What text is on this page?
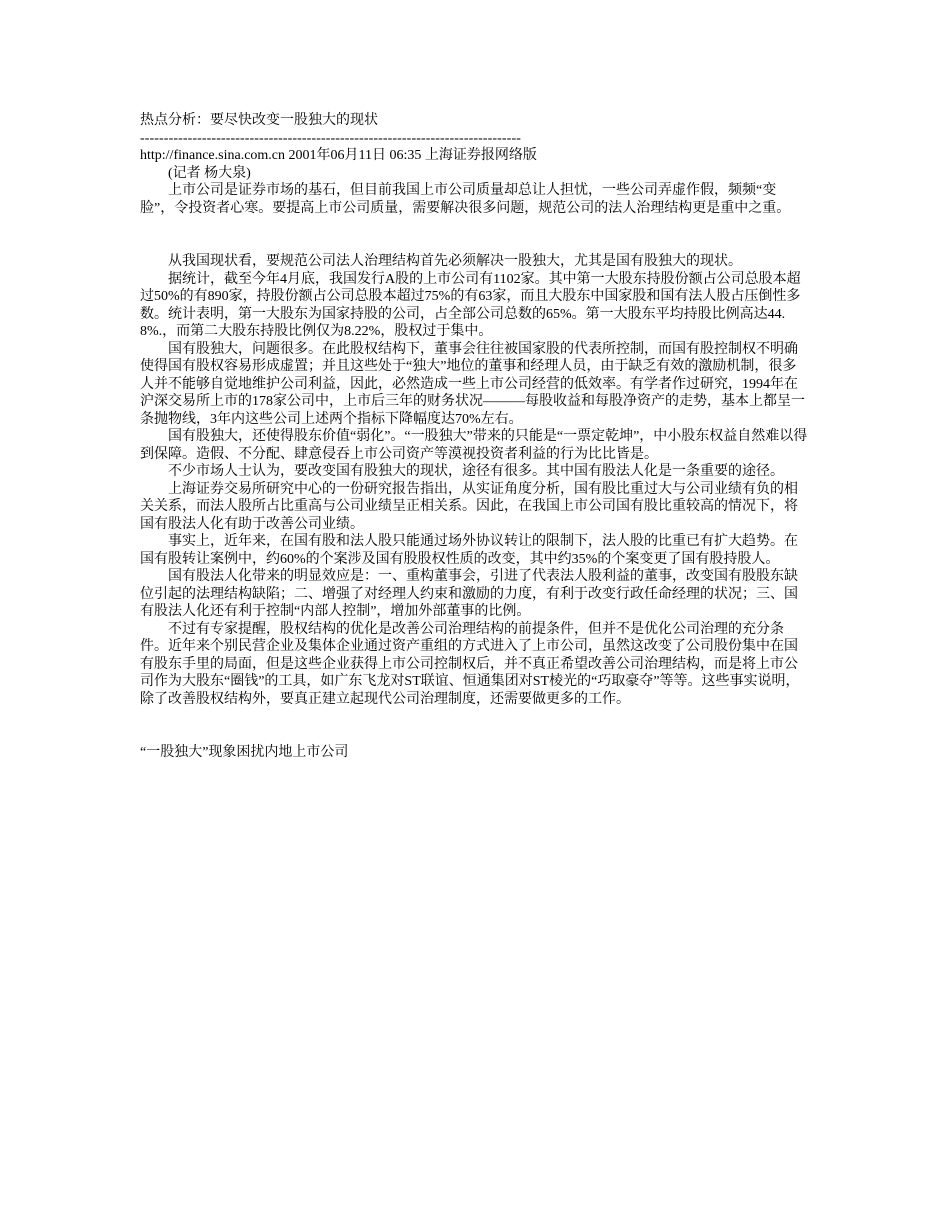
热点分析：要尽快改变一股独大的现状

--------------------------------------------------------------------------------

http://finance.sina.com.cn 2001年06月11日 06:35 上海证券报网络版

(记者 杨大泉)

上市公司是证券市场的基石，但目前我国上市公司质量却总让人担忧，一些公司弄虚作假，频频“变脸”，令投资者心寒。要提高上市公司质量，需要解决很多问题，规范公司的法人治理结构更是重中之重。

从我国现状看，要规范公司法人治理结构首先必须解决一股独大，尤其是国有股独大的现状。

据统计，截至今年4月底，我国发行A股的上市公司有1102家。其中第一大股东持股份额占公司总股本超过50%的有890家，持股份额占公司总股本超过75%的有63家，而且大股东中国家股和国有法人股占压倒性多数。统计表明，第一大股东为国家持股的公司，占全部公司总数的65%。第一大股东平均持股比例高达44.8%.，而第二大股东持股比例仅为8.22%，股权过于集中。

国有股独大，问题很多。在此股权结构下，董事会往往被国家股的代表所控制，而国有股控制权不明确使得国有股权容易形成虚置；并且这些处于“独大”地位的董事和经理人员，由于缺乏有效的激励机制，很多人并不能够自觉地维护公司利益，因此，必然造成一些上市公司经营的低效率。有学者作过研究，1994年在沪深交易所上市的178家公司中，上市后三年的财务状况———每股收益和每股净资产的走势，基本上都呈一条抛物线，3年内这些公司上述两个指标下降幅度达70%左右。

国有股独大，还使得股东价值“弱化”。“一股独大”带来的只能是“一票定乾坤”，中小股东权益自然难以得到保障。造假、不分配、肆意侵吞上市公司资产等漠视投资者利益的行为比比皆是。

不少市场人士认为，要改变国有股独大的现状，途径有很多。其中国有股法人化是一条重要的途径。

上海证券交易所研究中心的一份研究报告指出，从实证角度分析，国有股比重过大与公司业绩有负的相关关系，而法人股所占比重高与公司业绩呈正相关系。因此，在我国上市公司国有股比重较高的情况下，将国有股法人化有助于改善公司业绩。

事实上，近年来，在国有股和法人股只能通过场外协议转让的限制下，法人股的比重已有扩大趋势。在国有股转让案例中，约60%的个案涉及国有股股权性质的改变，其中约35%的个案变更了国有股持股人。

国有股法人化带来的明显效应是：一、重构董事会，引进了代表法人股利益的董事，改变国有股股东缺位引起的法理结构缺陷；二、增强了对经理人约束和激励的力度，有利于改变行政任命经理的状况；三、国有股法人化还有利于控制“内部人控制”，增加外部董事的比例。

不过有专家提醒，股权结构的优化是改善公司治理结构的前提条件，但并不是优化公司治理的充分条件。近年来个别民营企业及集体企业通过资产重组的方式进入了上市公司，虽然这改变了公司股份集中在国有股东手里的局面，但是这些企业获得上市公司控制权后，并不真正希望改善公司治理结构，而是将上市公司作为大股东“圈钱”的工具，如广东飞龙对ST联谊、恒通集团对ST棱光的“巧取豪夺”等等。这些事实说明，除了改善股权结构外，要真正建立起现代公司治理制度，还需要做更多的工作。

“一股独大”现象困扰内地上市公司
